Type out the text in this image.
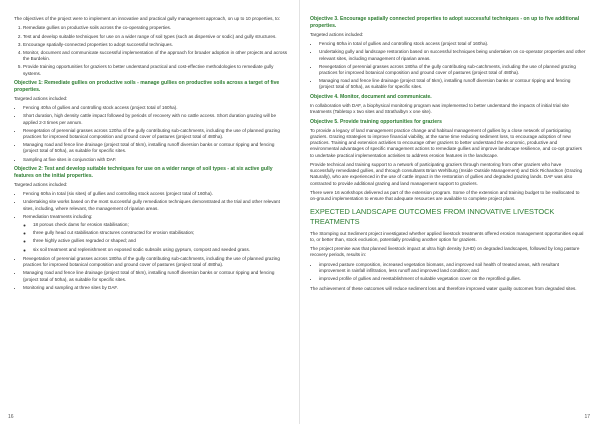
The objectives of the project were to implement an innovative and practical gully management approach, on up to 10 properties, to:

1. Remediate gullies on productive soils across the co-operating properties.
2. Test and develop suitable techniques for use on a wider range of soil types (such as dispersive or sodic) and gully structures.
3. Encourage spatially-connected properties to adopt successful techniques.
4. Monitor, document and communicate successful implementation of the approach for broader adoption in other projects and across the Burdekin.
5. Provide training opportunities for graziers to better understand practical and cost-effective methodologies to remediate gully systems.
Objective 1: Remediate gullies on productive soils - manage gullies on productive soils across a target of five properties.

Targeted actions included:

• Fencing 40ha of gullies and controlling stock access (project total of 160ha).
• Short duration, high density cattle impact followed by periods of recovery with no cattle access. Short duration grazing will be applied 2-3 times per annum.
• Revegetation of perennial grasses across 120ha of the gully contributing sub-catchments, including the use of planned grazing practices for improved botanical composition and ground cover of pastures (project total of 480ha).
• Managing road and fence line drainage (project total of 5km), installing runoff diversion banks or contour ripping and fencing (project total of 50ha), as suitable for specific sites.
• Sampling at five sites in conjunction with DAF.
Objective 2: Test and develop suitable techniques for use on a wider range of soil types - at six active gully features on the initial properties.

Targeted actions included:

• Fencing 60ha in total (six sites) of gullies and controlling stock access (project total of 160ha).
• Undertaking site works based on the most successful gully remediation techniques demonstrated at the trial and other relevant sites, including, where relevant, the management of riparian areas.
• Remediation treatments including:
◦ 18 porous check dams for erosion stabilisation;
◦ three gully head cut stabilisation structures constructed for erosion stabilisation;
◦ three highly active gullies regraded or shaped; and
◦ six soil treatment and replenishment on exposed sodic subsoils using gypsum, compost and seeded grass.
• Revegetation of perennial grasses across 180ha of the gully contributing sub-catchments, including the use of planned grazing practices for improved botanical composition and ground cover of pastures (project total of 480ha).
• Managing road and fence line drainage (project total of 5km), installing runoff diversion banks or contour ripping and fencing (project total of 50ha), as suitable for specific sites.
• Monitoring and sampling at three sites by DAF.
16
Objective 3. Encourage spatially connected properties to adopt successful techniques - on up to five additional properties.

Targeted actions included:

• Fencing 60ha in total of gullies and controlling stock access (project total of 160ha).
• Undertaking gully and landscape restoration based on successful techniques being undertaken on co-operator properties and other relevant sites, including management of riparian areas.
• Revegetation of perennial grasses across 180ha of the gully contributing sub-catchments, including the use of planned grazing practices for improved botanical composition and ground cover of pastures (project total of 480ha).
• Managing road and fence line drainage (project total of 5km), installing runoff diversion banks or contour ripping and fencing (project total of 50ha), as suitable for specific sites.
Objective 4. Monitor, document and communicate.

In collaboration with DAF, a biophysical monitoring program was implemented to better understand the impacts of initial trial site treatments (Tabletop x two sites and Strathalbyn x one site).

Objective 5. Provide training opportunities for graziers

To provide a legacy of land management practice change and habitual management of gullies by a close network of participating graziers. Grazing strategies to improve financial viability, at the same time reducing sediment loss, to encourage adoption of new practices. Training and extension activities to encourage other graziers to better understand the economic, productive and environmental advantages of specific management actions to remediate gullies and improve landscape resilience, and co-opt graziers to undertake practical implementation activities to address erosion features in the landscape.

Provide technical and training support to a network of participating graziers through mentoring from other graziers who have successfully remediated gullies, and through consultants Brian Wehlburg (Inside Outside Management) and Dick Richardson (Grazing Naturally), who are experienced in the use of cattle impact in the restoration of gullies and degraded grazing lands. DAF was also contracted to provide additional grazing and land management support to graziers.

There were 16 workshops delivered as part of the extension program. Some of the extension and training budget to be reallocated to on-ground implementation to ensure that adequate resources are available to complete project plans.

EXPECTED LANDSCAPE OUTCOMES FROM INNOVATIVE LIVESTOCK TREATMENTS

The Stomping out Sediment project investigated whether applied livestock treatments offered erosion management opportunities equal to, or better than, stock exclusion, potentially providing another option for graziers.

The project premise was that planned livestock impact at ultra high density (UHD) on degraded landscapes, followed by long pasture recovery periods, results in:

• improved pasture composition, increased vegetation biomass, and improved soil health of treated areas, with resultant improvement in rainfall infiltration, less runoff and improved land condition; and
• improved profile of gullies and reestablishment of suitable vegetation cover on the reprofiled gullies.

The achievement of these outcomes will reduce sediment loss and therefore improved water quality outcomes from degraded sites.

17
